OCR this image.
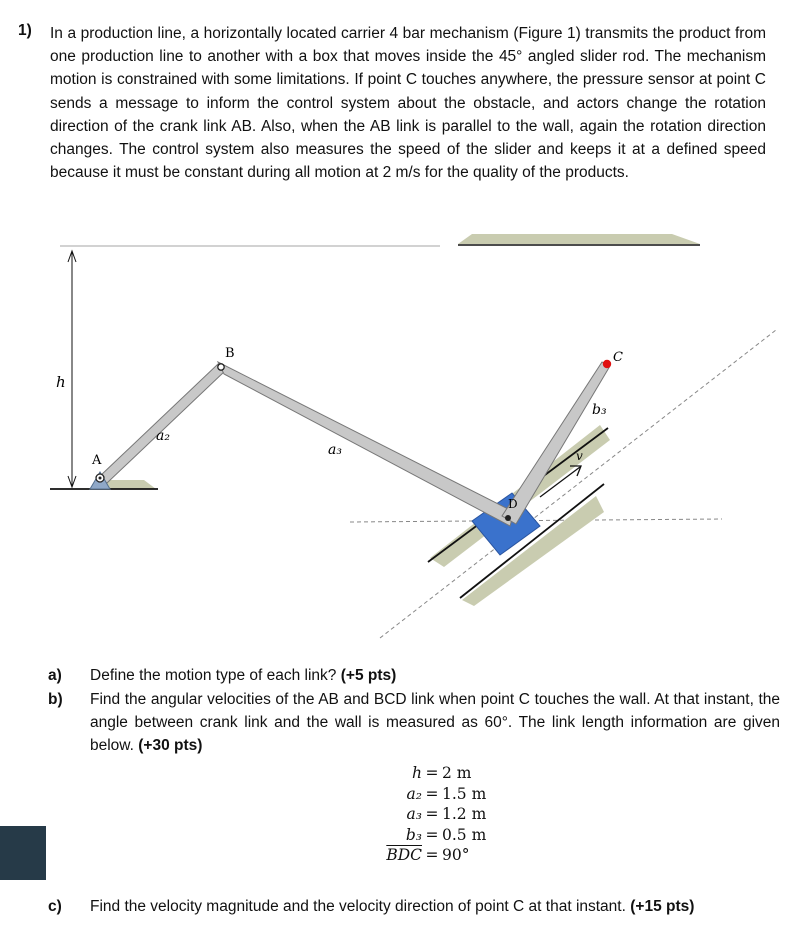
1) In a production line, a horizontally located carrier 4 bar mechanism (Figure 1) transmits the product from one production line to another with a box that moves inside the 45° angled slider rod. The mechanism motion is constrained with some limitations. If point C touches anywhere, the pressure sensor at point C sends a message to inform the control system about the obstacle, and actors change the rotation direction of the crank link AB. Also, when the AB link is parallel to the wall, again the rotation direction changes. The control system also measures the speed of the slider and keeps it at a defined speed because it must be constant during all motion at 2 m/s for the quality of the products.
h
A
B	C
D
a₂
a₃
b₃
v
a) Define the motion type of each link? (+5 pts)
b) Find the angular velocities of the AB and BCD link when point C touches the wall. At that instant, the angle between crank link and the wall is measured as 60°. The link length information are given below. (+30 pts)
h = 2 m
a₂ = 1.5 m
a₃ = 1.2 m
b₃ = 0.5 m
$\overline{BDC} = 90^\circ$
c) Find the velocity magnitude and the velocity direction of point C at that instant. (+15 pts)
